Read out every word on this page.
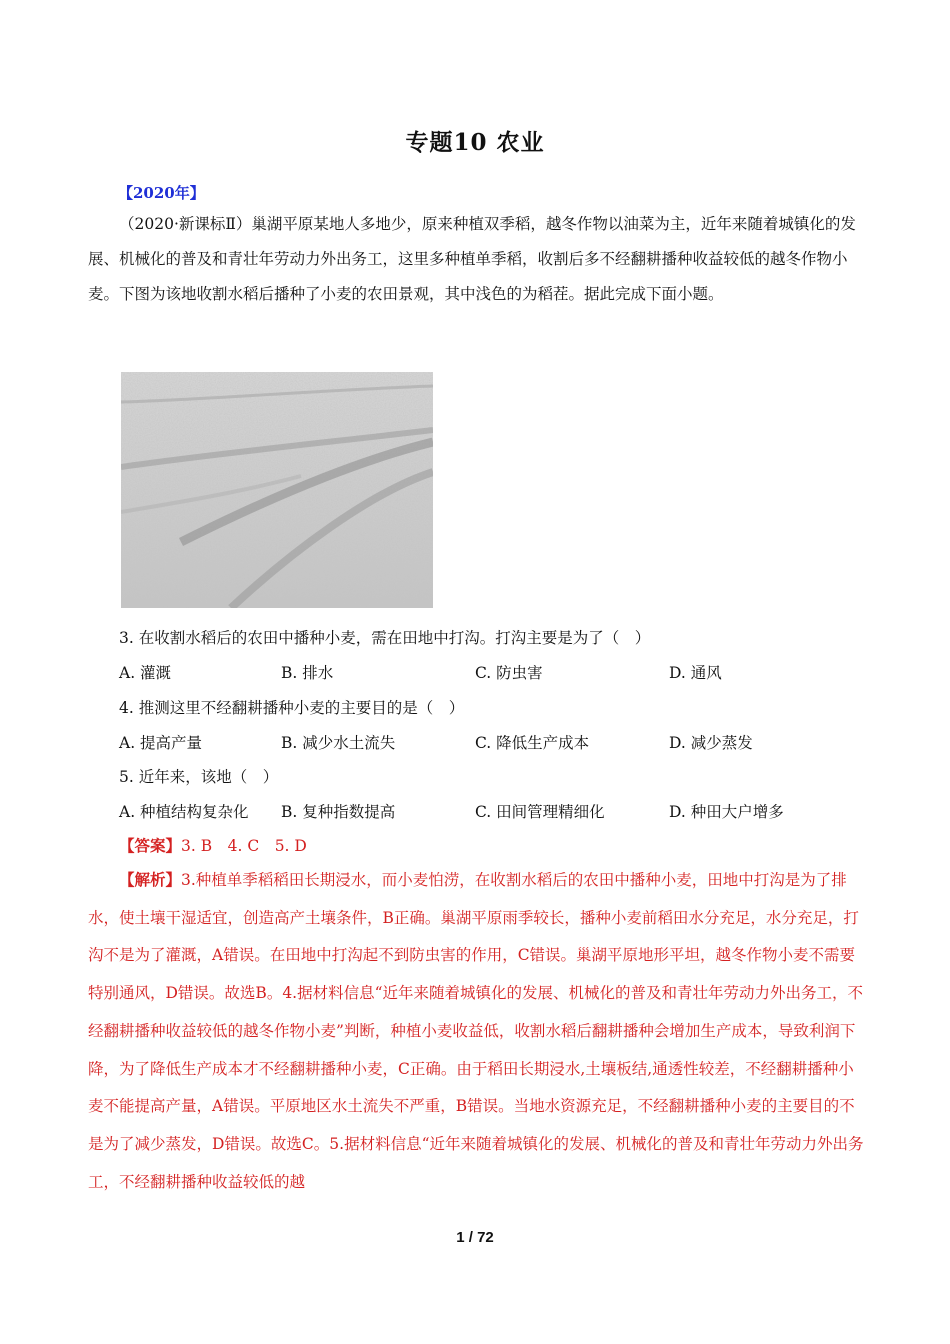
专题10 农业
【2020年】
（2020·新课标Ⅱ）巢湖平原某地人多地少，原来种植双季稻，越冬作物以油菜为主，近年来随着城镇化的发展、机械化的普及和青壮年劳动力外出务工，这里多种植单季稻，收割后多不经翻耕播种收益较低的越冬作物小麦。下图为该地收割水稻后播种了小麦的农田景观，其中浅色的为稻茬。据此完成下面小题。
3. 在收割水稻后的农田中播种小麦，需在田地中打沟。打沟主要是为了（　）
A. 灌溉	B. 排水	C. 防虫害	D. 通风
4. 推测这里不经翻耕播种小麦的主要目的是（　）
A. 提高产量	B. 减少水土流失	C. 降低生产成本	D. 减少蒸发
5. 近年来，该地（　）
A. 种植结构复杂化 B. 复种指数提高	C. 田间管理精细化	D. 种田大户增多
【答案】3. B　4. C　5. D
【解析】3.种植单季稻稻田长期浸水，而小麦怕涝，在收割水稻后的农田中播种小麦，田地中打沟是为了排水，使土壤干湿适宜，创造高产土壤条件，B正确。巢湖平原雨季较长，播种小麦前稻田水分充足，水分充足，打沟不是为了灌溉，A错误。在田地中打沟起不到防虫害的作用，C错误。巢湖平原地形平坦，越冬作物小麦不需要特别通风，D错误。故选B。4.据材料信息“近年来随着城镇化的发展、机械化的普及和青壮年劳动力外出务工，不经翻耕播种收益较低的越冬作物小麦”判断，种植小麦收益低，收割水稻后翻耕播种会增加生产成本，导致利润下降，为了降低生产成本才不经翻耕播种小麦，C正确。由于稻田长期浸水,土壤板结,通透性较差，不经翻耕播种小麦不能提高产量，A错误。平原地区水土流失不严重，B错误。当地水资源充足，不经翻耕播种小麦的主要目的不是为了减少蒸发，D错误。故选C。5.据材料信息“近年来随着城镇化的发展、机械化的普及和青壮年劳动力外出务工，不经翻耕播种收益较低的越
1 / 72
